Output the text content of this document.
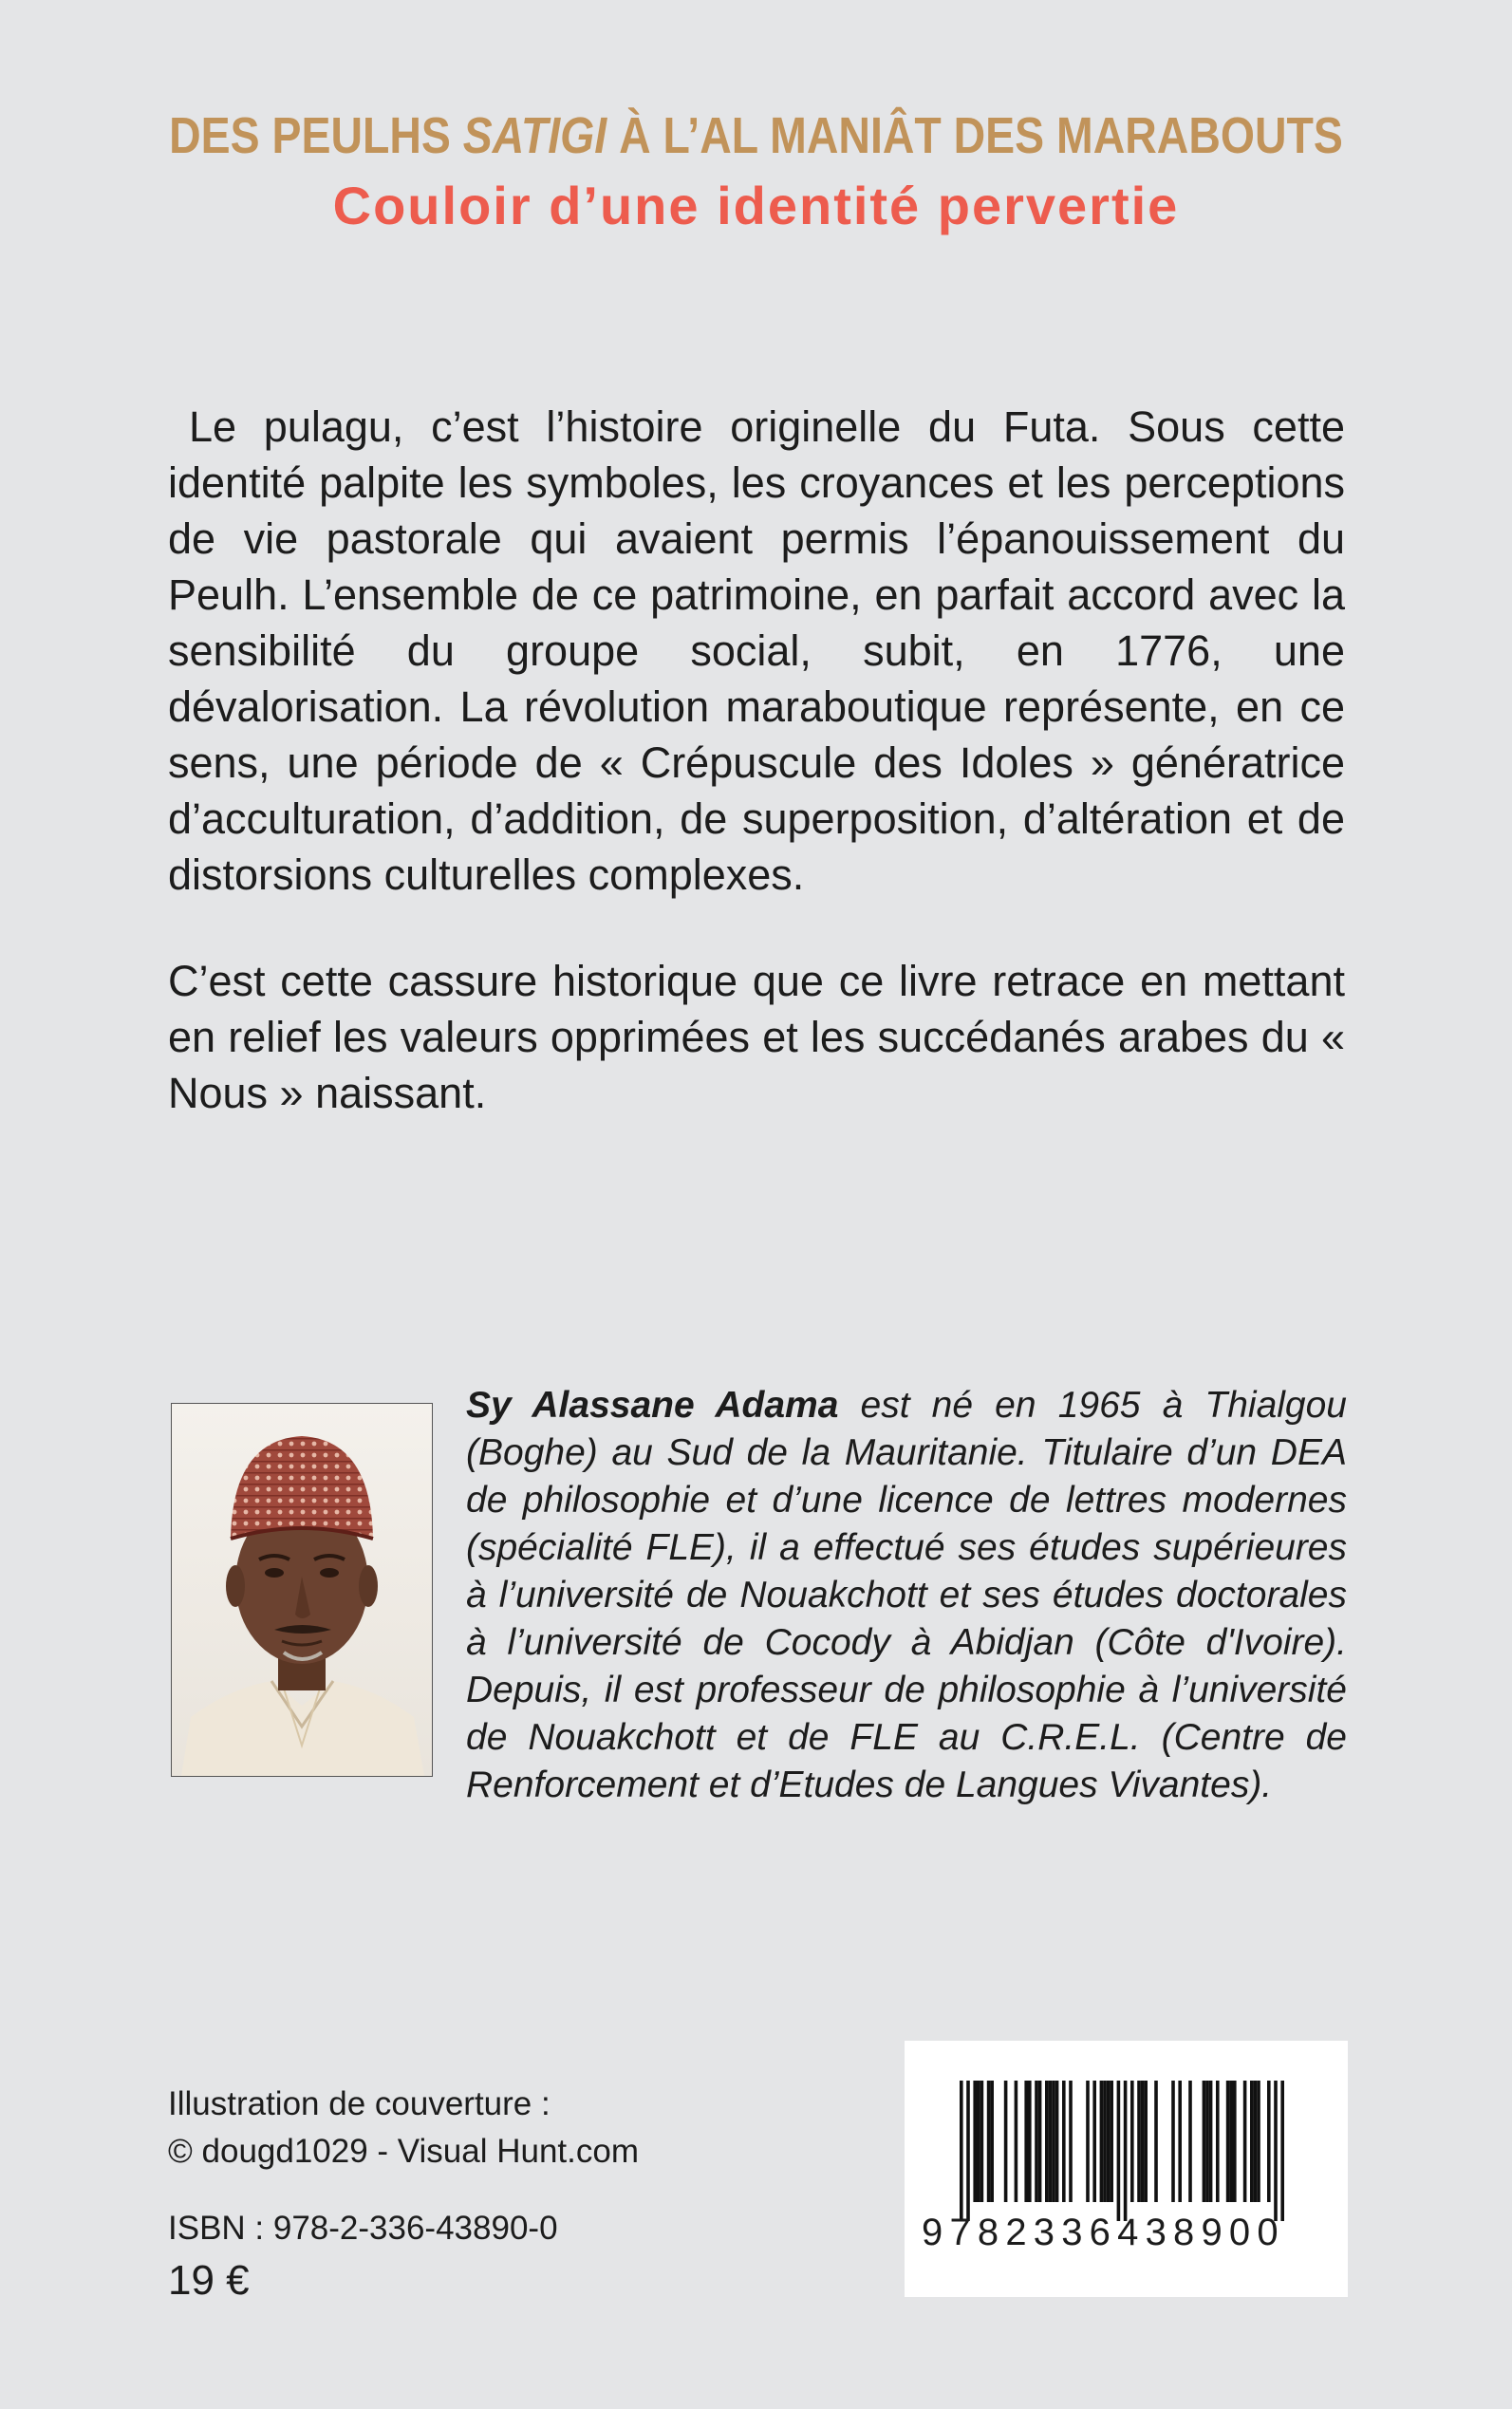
DES PEULHS SATIGI À L’AL MANIÂT DES MARABOUTS
Couloir d’une identité pervertie

Le pulagu, c’est l’histoire originelle du Futa. Sous cette identité palpite les symboles, les croyances et les perceptions de vie pastorale qui avaient permis l’épanouissement du Peulh. L’ensemble de ce patrimoine, en parfait accord avec la sensibilité du groupe social, subit, en 1776, une dévalorisation. La révolution maraboutique représente, en ce sens, une période de « Crépuscule des Idoles » génératrice d’acculturation, d’addition, de superposition, d’altération et de distorsions culturelles complexes.

C’est cette cassure historique que ce livre retrace en mettant en relief les valeurs opprimées et les succédanés arabes du « Nous » naissant.

Sy Alassane Adama est né en 1965 à Thialgou (Boghe) au Sud de la Mauritanie. Titulaire d’un DEA de philosophie et d’une licence de lettres modernes (spécialité FLE), il a effectué ses études supérieures à l’université de Nouakchott et ses études doctorales à l’université de Cocody à Abidjan (Côte d'Ivoire). Depuis, il est professeur de philosophie à l’université de Nouakchott et de FLE au C.R.E.L. (Centre de Renforcement et d’Etudes de Langues Vivantes).

Illustration de couverture :
© dougd1029 - Visual Hunt.com
ISBN : 978-2-336-43890-0
19 €
9782336438900
